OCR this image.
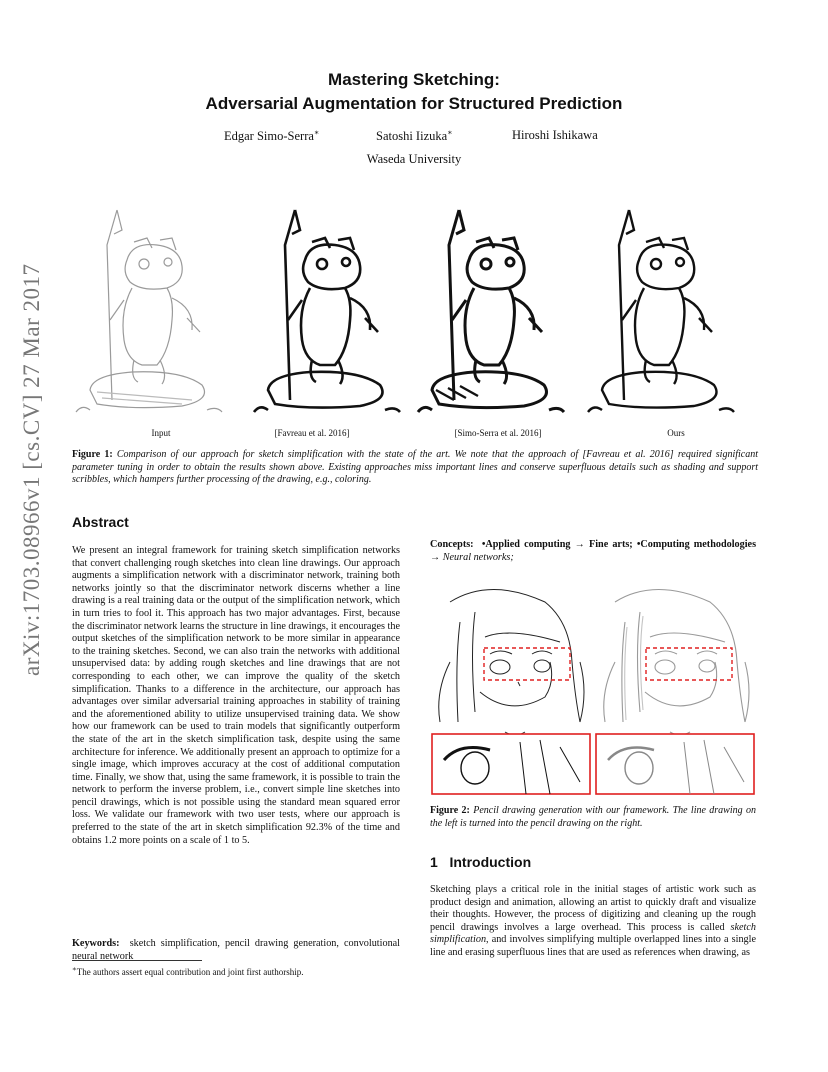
arXiv:1703.08966v1 [cs.CV] 27 Mar 2017
Mastering Sketching:
Adversarial Augmentation for Structured Prediction
Edgar Simo-Serra∗	Satoshi Iizuka∗	Hiroshi Ishikawa
Waseda University
Input	[Favreau et al. 2016]	[Simo-Serra et al. 2016]	Ours
Figure 1: Comparison of our approach for sketch simplification with the state of the art. We note that the approach of [Favreau et al. 2016] required significant parameter tuning in order to obtain the results shown above. Existing approaches miss important lines and conserve superfluous details such as shading and support scribbles, which hampers further processing of the drawing, e.g., coloring.
Abstract
We present an integral framework for training sketch simplification networks that convert challenging rough sketches into clean line drawings. Our approach augments a simplification network with a discriminator network, training both networks jointly so that the discriminator network discerns whether a line drawing is a real training data or the output of the simplification network, which in turn tries to fool it. This approach has two major advantages. First, because the discriminator network learns the structure in line drawings, it encourages the output sketches of the simplification network to be more similar in appearance to the training sketches. Second, we can also train the networks with additional unsupervised data: by adding rough sketches and line drawings that are not corresponding to each other, we can improve the quality of the sketch simplification. Thanks to a difference in the architecture, our approach has advantages over similar adversarial training approaches in stability of training and the aforementioned ability to utilize unsupervised training data. We show how our framework can be used to train models that significantly outperform the state of the art in the sketch simplification task, despite using the same architecture for inference. We additionally present an approach to optimize for a single image, which improves accuracy at the cost of additional computation time. Finally, we show that, using the same framework, it is possible to train the network to perform the inverse problem, i.e., convert simple line sketches into pencil drawings, which is not possible using the standard mean squared error loss. We validate our framework with two user tests, where our approach is preferred to the state of the art in sketch simplification 92.3% of the time and obtains 1.2 more points on a scale of 1 to 5.
Keywords: sketch simplification, pencil drawing generation, convolutional neural network
∗The authors assert equal contribution and joint first authorship.
Concepts: •Applied computing → Fine arts; •Computing methodologies → Neural networks;
Figure 2: Pencil drawing generation with our framework. The line drawing on the left is turned into the pencil drawing on the right.
1 Introduction
Sketching plays a critical role in the initial stages of artistic work such as product design and animation, allowing an artist to quickly draft and visualize their thoughts. However, the process of digitizing and cleaning up the rough pencil drawings involves a large overhead. This process is called sketch simplification, and involves simplifying multiple overlapped lines into a single line and erasing superfluous lines that are used as references when drawing, as
